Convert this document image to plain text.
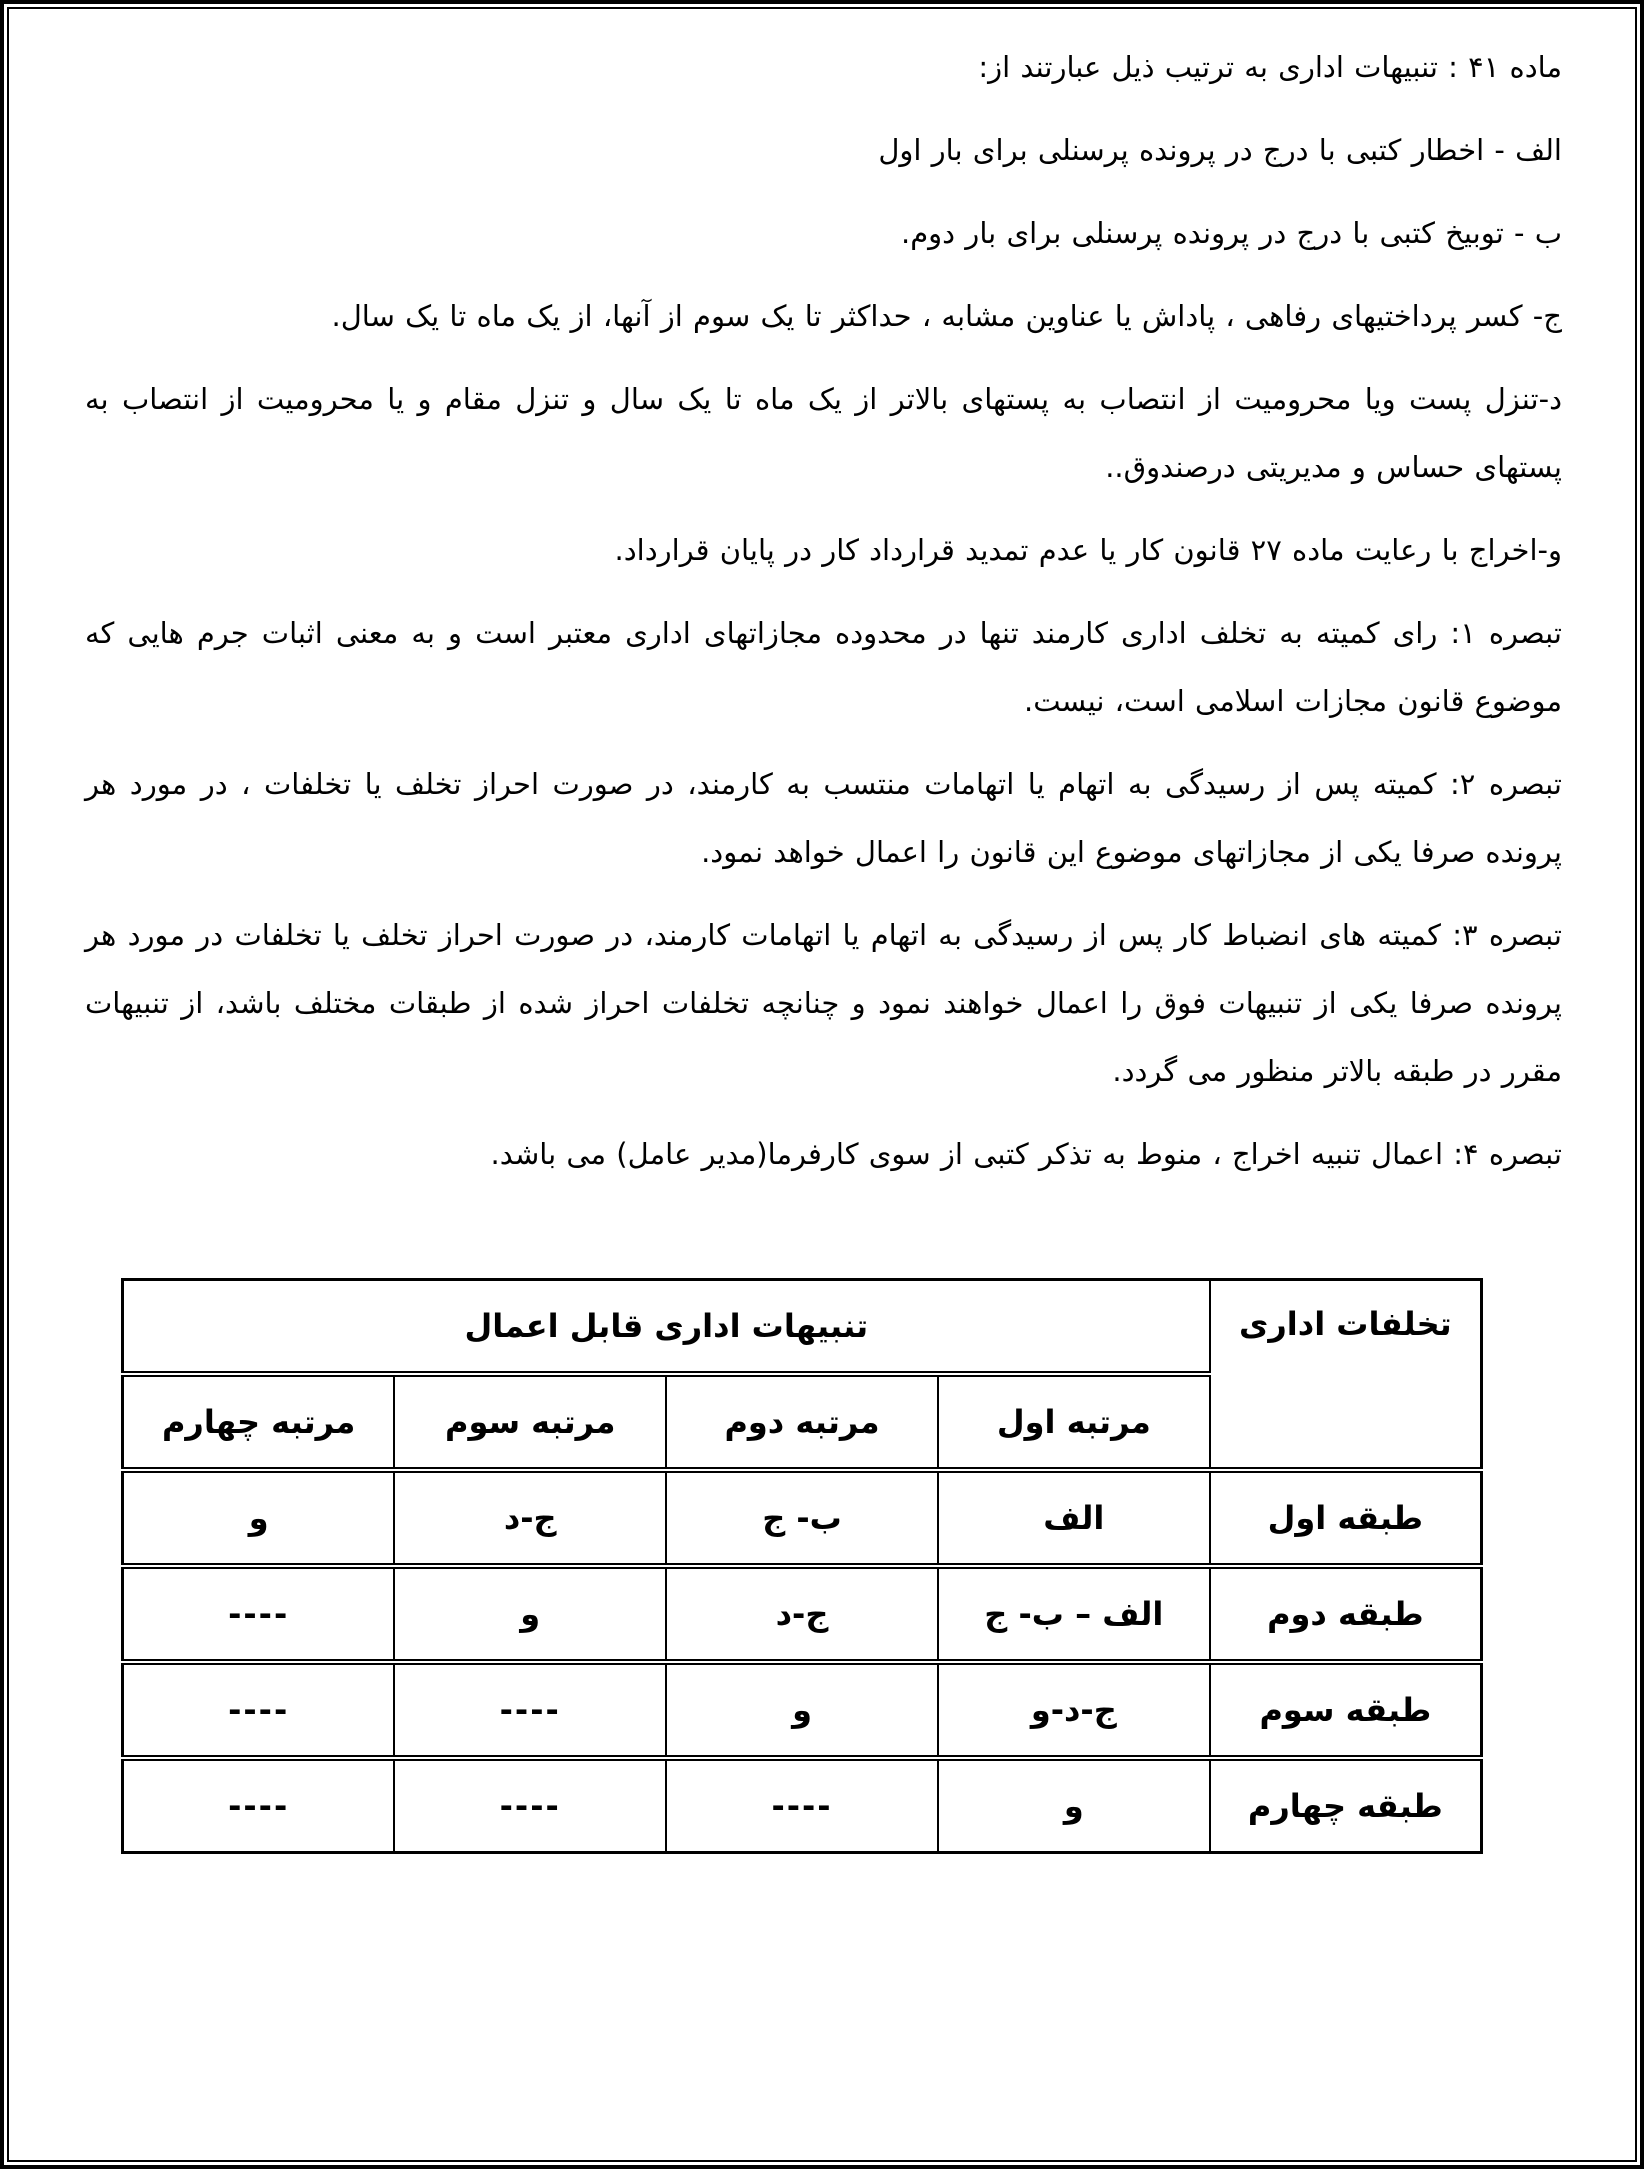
ماده ۴۱ : تنبیهات اداری به ترتیب ذیل عبارتند از:

الف - اخطار کتبی با درج در پرونده پرسنلی برای بار اول

ب - توبیخ کتبی با درج در پرونده پرسنلی برای بار دوم.

ج- کسر پرداختیهای رفاهی ، پاداش یا عناوین مشابه ، حداکثر تا یک سوم از آنها، از یک ماه تا یک سال.

د-تنزل پست ویا محرومیت از انتصاب به پستهای بالاتر از یک ماه تا یک سال و تنزل مقام و یا محرومیت از انتصاب به پستهای حساس و مدیریتی درصندوق..

و-اخراج با رعایت ماده ۲۷ قانون کار یا عدم تمدید قرارداد کار در پایان قرارداد.

تبصره ۱: رای کمیته به تخلف اداری کارمند تنها در محدوده مجازاتهای اداری معتبر است و به معنی اثبات جرم هایی که موضوع قانون مجازات اسلامی است، نیست.

تبصره ۲: کمیته پس از رسیدگی به اتهام یا اتهامات منتسب به کارمند، در صورت احراز تخلف یا تخلفات ، در مورد هر پرونده صرفا یکی از مجازاتهای موضوع این قانون را اعمال خواهد نمود.

تبصره ۳: کمیته های انضباط کار پس از رسیدگی به اتهام یا اتهامات کارمند، در صورت احراز تخلف یا تخلفات در مورد هر پرونده صرفا یکی از تنبیهات فوق را اعمال خواهند نمود و چنانچه تخلفات احراز شده از طبقات مختلف باشد، از تنبیهات مقرر در طبقه بالاتر منظور می گردد.

تبصره ۴: اعمال تنبیه اخراج ، منوط به تذکر کتبی از سوی کارفرما(مدیر عامل) می باشد.

تخلفات اداری	تنبیهات اداری قابل اعمال			
	مرتبه اول	مرتبه دوم	مرتبه سوم	مرتبه چهارم
طبقه اول	الف	ب- ج	ج-د	و
طبقه دوم	الف – ب- ج	ج-د	و	----
طبقه سوم	ج-د-و	و	----	----
طبقه چهارم	و	----	----	----
